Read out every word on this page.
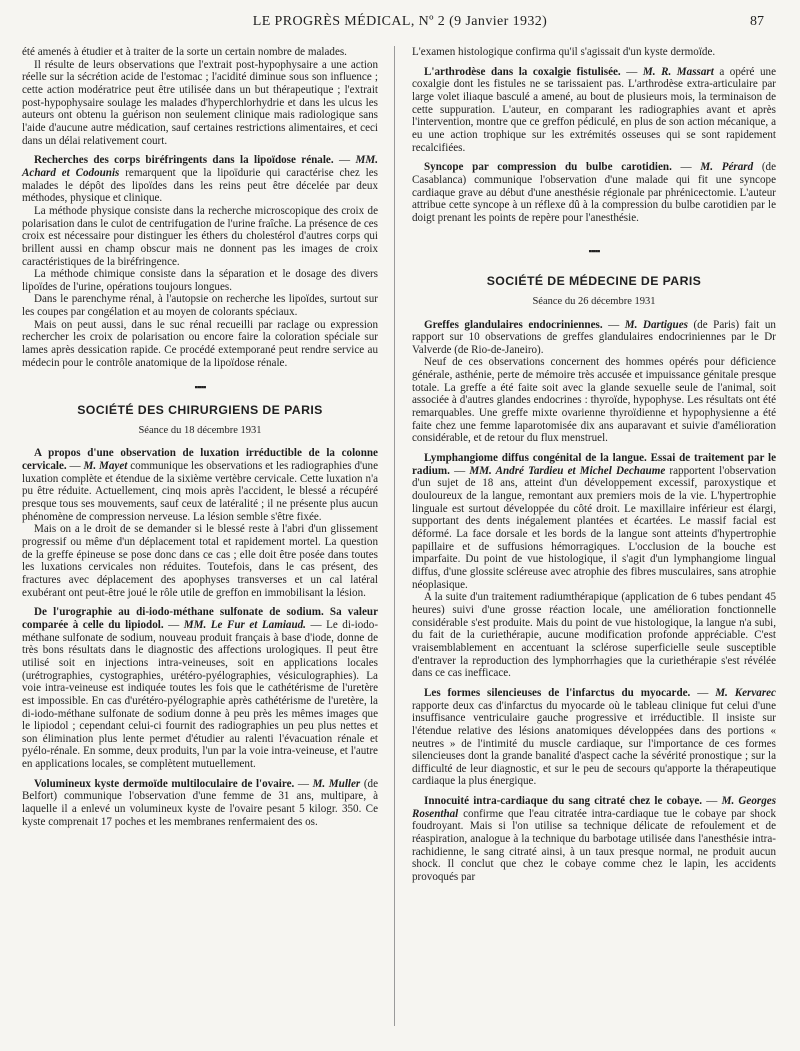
LE PROGRÈS MÉDICAL, Nº 2 (9 Janvier 1932)	87

été amenés à étudier et à traiter de la sorte un certain nombre de malades.

Il résulte de leurs observations que l'extrait post-hypophysaire a une action réelle sur la sécrétion acide de l'estomac ; l'acidité diminue sous son influence ; cette action modératrice peut être utilisée dans un but thérapeutique ; l'extrait post-hypophysaire soulage les malades d'hyperchlorhydrie et dans les ulcus les auteurs ont obtenu la guérison non seulement clinique mais radiologique sans l'aide d'aucune autre médication, sauf certaines restrictions alimentaires, et ceci dans un délai relativement court.

Recherches des corps biréfringents dans la lipoïdose rénale. — MM. Achard et Codounis remarquent que la lipoïdurie qui caractérise chez les malades le dépôt des lipoïdes dans les reins peut être décelée par deux méthodes, physique et clinique.

La méthode physique consiste dans la recherche microscopique des croix de polarisation dans le culot de centrifugation de l'urine fraîche. La présence de ces croix est nécessaire pour distinguer les éthers du cholestérol d'autres corps qui brillent aussi en champ obscur mais ne donnent pas les images de croix caractéristiques de la biréfringence.

La méthode chimique consiste dans la séparation et le dosage des divers lipoïdes de l'urine, opérations toujours longues.

Dans le parenchyme rénal, à l'autopsie on recherche les lipoïdes, surtout sur les coupes par congélation et au moyen de colorants spéciaux.

Mais on peut aussi, dans le suc rénal recueilli par raclage ou expression rechercher les croix de polarisation ou encore faire la coloration spéciale sur lames après dessication rapide. Ce procédé extemporané peut rendre service au médecin pour le contrôle anatomique de la lipoïdose rénale.

▪▪▪▪▪
SOCIÉTÉ DES CHIRURGIENS DE PARIS
Séance du 18 décembre 1931

A propos d'une observation de luxation irréductible de la colonne cervicale. — M. Mayet communique les observations et les radiographies d'une luxation complète et étendue de la sixième vertèbre cervicale. Cette luxation n'a pu être réduite. Actuellement, cinq mois après l'accident, le blessé a récupéré presque tous ses mouvements, sauf ceux de latéralité ; il ne présente plus aucun phénomène de compression nerveuse. La lésion semble s'être fixée.

Mais on a le droit de se demander si le blessé reste à l'abri d'un glissement progressif ou même d'un déplacement total et rapidement mortel. La question de la greffe épineuse se pose donc dans ce cas ; elle doit être posée dans toutes les luxations cervicales non réduites. Toutefois, dans le cas présent, des fractures avec déplacement des apophyses transverses et un cal latéral exubérant ont peut-être joué le rôle utile de greffon en immobilisant la lésion.

De l'urographie au di-iodo-méthane sulfonate de sodium. Sa valeur comparée à celle du lipiodol. — MM. Le Fur et Lamiaud. — Le di-iodo-méthane sulfonate de sodium, nouveau produit français à base d'iode, donne de très bons résultats dans le diagnostic des affections urologiques. Il peut être utilisé soit en injections intra-veineuses, soit en applications locales (urétrographies, cystographies, urétéro-pyélographies, vésiculographies). La voie intra-veineuse est indiquée toutes les fois que le cathétérisme de l'uretère est impossible. En cas d'urétéro-pyélographie après cathétérisme de l'uretère, la di-iodo-méthane sulfonate de sodium donne à peu près les mêmes images que le lipiodol ; cependant celui-ci fournit des radiographies un peu plus nettes et son élimination plus lente permet d'étudier au ralenti l'évacuation rénale et pyélo-rénale. En somme, deux produits, l'un par la voie intra-veineuse, et l'autre en applications locales, se complètent mutuellement.

Volumineux kyste dermoïde multiloculaire de l'ovaire. — M. Muller (de Belfort) communique l'observation d'une femme de 31 ans, multipare, à laquelle il a enlevé un volumineux kyste de l'ovaire pesant 5 kilogr. 350. Ce kyste comprenait 17 poches et les membranes renfermaient des os.

L'examen histologique confirma qu'il s'agissait d'un kyste dermoïde.

L'arthrodèse dans la coxalgie fistulisée. — M. R. Massart a opéré une coxalgie dont les fistules ne se tarissaient pas. L'arthrodèse extra-articulaire par large volet iliaque basculé a amené, au bout de plusieurs mois, la terminaison de cette suppuration. L'auteur, en comparant les radiographies avant et après l'intervention, montre que ce greffon pédiculé, en plus de son action mécanique, a eu une action trophique sur les extrémités osseuses qui se sont rapidement recalcifiées.

Syncope par compression du bulbe carotidien. — M. Pérard (de Casablanca) communique l'observation d'une malade qui fit une syncope cardiaque grave au début d'une anesthésie régionale par phrénicectomie. L'auteur attribue cette syncope à un réflexe dû à la compression du bulbe carotidien par le doigt prenant les points de repère pour l'anesthésie.

▪▪▪▪▪
SOCIÉTÉ DE MÉDECINE DE PARIS
Séance du 26 décembre 1931

Greffes glandulaires endocriniennes. — M. Dartigues (de Paris) fait un rapport sur 10 observations de greffes glandulaires endocriniennes par le Dr Valverde (de Rio-de-Janeiro).

Neuf de ces observations concernent des hommes opérés pour déficience générale, asthénie, perte de mémoire très accusée et impuissance génitale presque totale. La greffe a été faite soit avec la glande sexuelle seule de l'animal, soit associée à d'autres glandes endocrines : thyroïde, hypophyse. Les résultats ont été remarquables. Une greffe mixte ovarienne thyroïdienne et hypophysienne a été faite chez une femme laparotomisée dix ans auparavant et suivie d'amélioration considérable, et de retour du flux menstruel.

Lymphangiome diffus congénital de la langue. Essai de traitement par le radium. — MM. André Tardieu et Michel Dechaume rapportent l'observation d'un sujet de 18 ans, atteint d'un développement excessif, paroxystique et douloureux de la langue, remontant aux premiers mois de la vie. L'hypertrophie linguale est surtout développée du côté droit. Le maxillaire inférieur est élargi, supportant des dents inégalement plantées et écartées. Le massif facial est déformé. La face dorsale et les bords de la langue sont atteints d'hypertrophie papillaire et de suffusions hémorragiques. L'occlusion de la bouche est imparfaite. Du point de vue histologique, il s'agit d'un lymphangiome lingual diffus, d'une glossite scléreuse avec atrophie des fibres musculaires, sans atrophie néoplasique.

A la suite d'un traitement radiumthérapique (application de 6 tubes pendant 45 heures) suivi d'une grosse réaction locale, une amélioration fonctionnelle considérable s'est produite. Mais du point de vue histologique, la langue n'a subi, du fait de la curiethérapie, aucune modification profonde appréciable. C'est vraisemblablement en accentuant la sclérose superficielle seule susceptible d'entraver la reproduction des lymphorrhagies que la curiethérapie s'est révélée dans ce cas inefficace.

Les formes silencieuses de l'infarctus du myocarde. — M. Kervarec rapporte deux cas d'infarctus du myocarde où le tableau clinique fut celui d'une insuffisance ventriculaire gauche progressive et irréductible. Il insiste sur l'étendue relative des lésions anatomiques développées dans des portions « neutres » de l'intimité du muscle cardiaque, sur l'importance de ces formes silencieuses dont la grande banalité d'aspect cache la sévérité pronostique ; sur la difficulté de leur diagnostic, et sur le peu de secours qu'apporte la thérapeutique cardiaque la plus énergique.

Innocuité intra-cardiaque du sang citraté chez le cobaye. — M. Georges Rosenthal confirme que l'eau citratée intra-cardiaque tue le cobaye par shock foudroyant. Mais si l'on utilise sa technique délicate de refoulement et de réaspiration, analogue à la technique du barbotage utilisée dans l'anesthésie intra-rachidienne, le sang citraté ainsi, à un taux presque normal, ne produit aucun shock. Il conclut que chez le cobaye comme chez le lapin, les accidents provoqués par
